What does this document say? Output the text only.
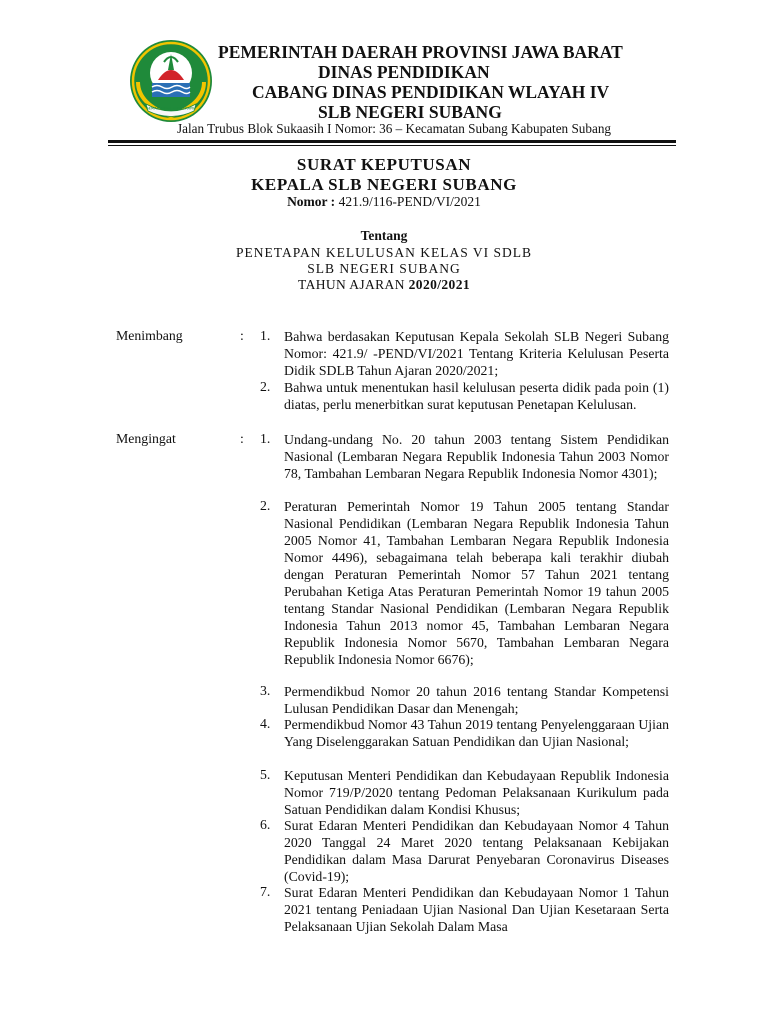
GEMAH RIPAH REPEH RAPIH
PEMERINTAH DAERAH PROVINSI JAWA BARAT
DINAS PENDIDIKAN
CABANG DINAS PENDIDIKAN WLAYAH IV
SLB NEGERI SUBANG
Jalan Trubus Blok Sukaasih I Nomor: 36 – Kecamatan Subang Kabupaten Subang
SURAT KEPUTUSAN
KEPALA SLB NEGERI SUBANG
Nomor : 421.9/116-PEND/VI/2021
Tentang
PENETAPAN KELULUSAN KELAS VI SDLB
SLB NEGERI SUBANG
TAHUN AJARAN 2020/2021
Menimbang	: 1. Bahwa berdasakan Keputusan Kepala Sekolah SLB Negeri Subang Nomor: 421.9/ -PEND/VI/2021 Tentang Kriteria Kelulusan Peserta Didik SDLB Tahun Ajaran 2020/2021;
2. Bahwa untuk menentukan hasil kelulusan peserta didik pada poin (1) diatas, perlu menerbitkan surat keputusan Penetapan Kelulusan.
Mengingat	: 1. Undang-undang No. 20 tahun 2003 tentang Sistem Pendidikan Nasional (Lembaran Negara Republik Indonesia Tahun 2003 Nomor 78, Tambahan Lembaran Negara Republik Indonesia Nomor 4301);
2. Peraturan Pemerintah Nomor 19 Tahun 2005 tentang Standar Nasional Pendidikan (Lembaran Negara Republik Indonesia Tahun 2005 Nomor 41, Tambahan Lembaran Negara Republik Indonesia Nomor 4496), sebagaimana telah beberapa kali terakhir diubah dengan Peraturan Pemerintah Nomor 57 Tahun 2021 tentang Perubahan Ketiga Atas Peraturan Pemerintah Nomor 19 tahun 2005 tentang Standar Nasional Pendidikan (Lembaran Negara Republik Indonesia Tahun 2013 nomor 45, Tambahan Lembaran Negara Republik Indonesia Nomor 5670, Tambahan Lembaran Negara Republik Indonesia Nomor 6676);
3. Permendikbud Nomor 20 tahun 2016 tentang Standar Kompetensi Lulusan Pendidikan Dasar dan Menengah;
4. Permendikbud Nomor 43 Tahun 2019 tentang Penyelenggaraan Ujian Yang Diselenggarakan Satuan Pendidikan dan Ujian Nasional;
5. Keputusan Menteri Pendidikan dan Kebudayaan Republik Indonesia Nomor 719/P/2020 tentang Pedoman Pelaksanaan Kurikulum pada Satuan Pendidikan dalam Kondisi Khusus;
6. Surat Edaran Menteri Pendidikan dan Kebudayaan Nomor 4 Tahun 2020 Tanggal 24 Maret 2020 tentang Pelaksanaan Kebijakan Pendidikan dalam Masa Darurat Penyebaran Coronavirus Diseases (Covid-19);
7. Surat Edaran Menteri Pendidikan dan Kebudayaan Nomor 1 Tahun 2021 tentang Peniadaan Ujian Nasional Dan Ujian Kesetaraan Serta Pelaksanaan Ujian Sekolah Dalam Masa
